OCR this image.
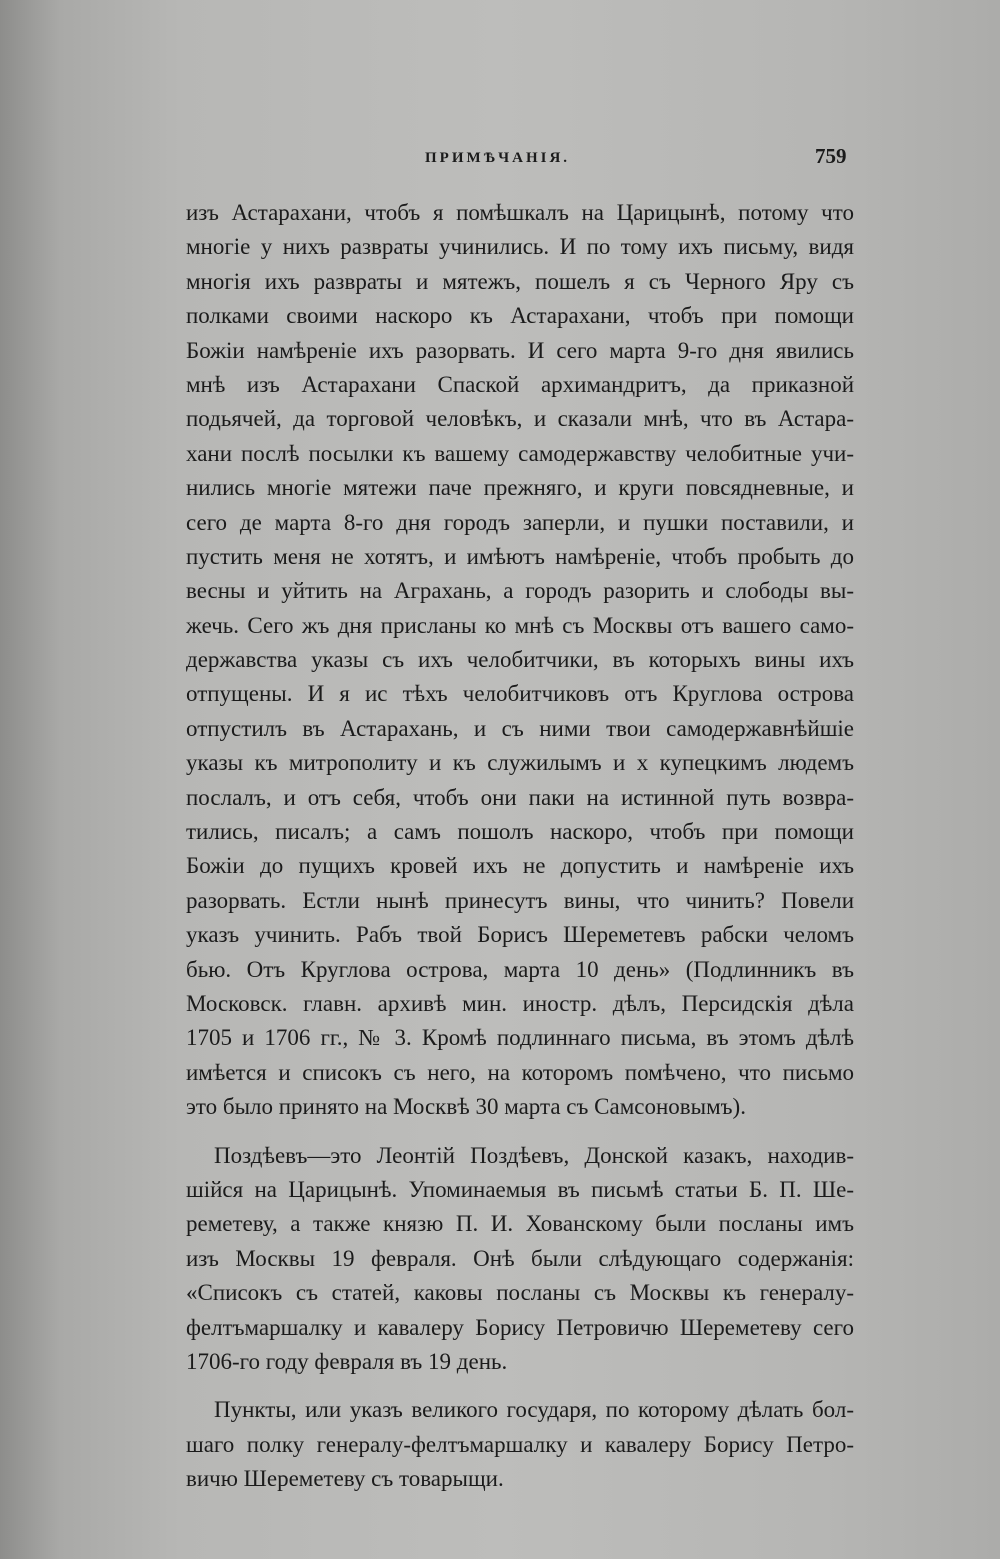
ПРИМѢЧАНІЯ.	759
изъ Астарахани, чтобъ я помѣшкалъ на Царицынѣ, потому что
многіе у нихъ развраты учинились. И по тому ихъ письму, видя
многія ихъ развраты и мятежъ, пошелъ я съ Черного Яру съ
полками своими наскоро къ Астарахани, чтобъ при помощи
Божіи намѣреніе ихъ разорвать. И сего марта 9-го дня явились
мнѣ изъ Астарахани Спаской архимандритъ, да приказной
подьячей, да торговой человѣкъ, и сказали мнѣ, что въ Астара-
хани послѣ посылки къ вашему самодержавству челобитные учи-
нились многіе мятежи паче прежняго, и круги повсядневные, и
сего де марта 8-го дня городъ заперли, и пушки поставили, и
пустить меня не хотятъ, и имѣютъ намѣреніе, чтобъ пробыть до
весны и уйтить на Аграхань, а городъ разорить и слободы вы-
жечь. Сего жъ дня присланы ко мнѣ съ Москвы отъ вашего само-
державства указы съ ихъ челобитчики, въ которыхъ вины ихъ
отпущены. И я ис тѣхъ челобитчиковъ отъ Круглова острова
отпустилъ въ Астарахань, и съ ними твои самодержавнѣйшіе
указы къ митрополиту и къ служилымъ и х купецкимъ людемъ
послалъ, и отъ себя, чтобъ они паки на истинной путь возвра-
тились, писалъ; а самъ пошолъ наскоро, чтобъ при помощи
Божіи до пущихъ кровей ихъ не допустить и намѣреніе ихъ
разорвать. Естли нынѣ принесутъ вины, что чинить? Повели
указъ учинить. Рабъ твой Борисъ Шереметевъ рабски челомъ
бью. Отъ Круглова острова, марта 10 день» (Подлинникъ въ
Московск. главн. архивѣ мин. иностр. дѣлъ, Персидскія дѣла
1705 и 1706 гг., № 3. Кромѣ подлиннаго письма, въ этомъ дѣлѣ
имѣется и списокъ съ него, на которомъ помѣчено, что письмо
это было принято на Москвѣ 30 марта съ Самсоновымъ).
Поздѣевъ—это Леонтій Поздѣевъ, Донской казакъ, находив-
шійся на Царицынѣ. Упоминаемыя въ письмѣ статьи Б. П. Ше-
реметеву, а также князю П. И. Хованскому были посланы имъ
изъ Москвы 19 февраля. Онѣ были слѣдующаго содержанія:
«Списокъ съ статей, каковы посланы съ Москвы къ генералу-
фелтъмаршалку и кавалеру Борису Петровичю Шереметеву сего
1706-го году февраля въ 19 день.
Пункты, или указъ великого государя, по которому дѣлать бол-
шаго полку генералу-фелтъмаршалку и кавалеру Борису Петро-
вичю Шереметеву съ товарыщи.
